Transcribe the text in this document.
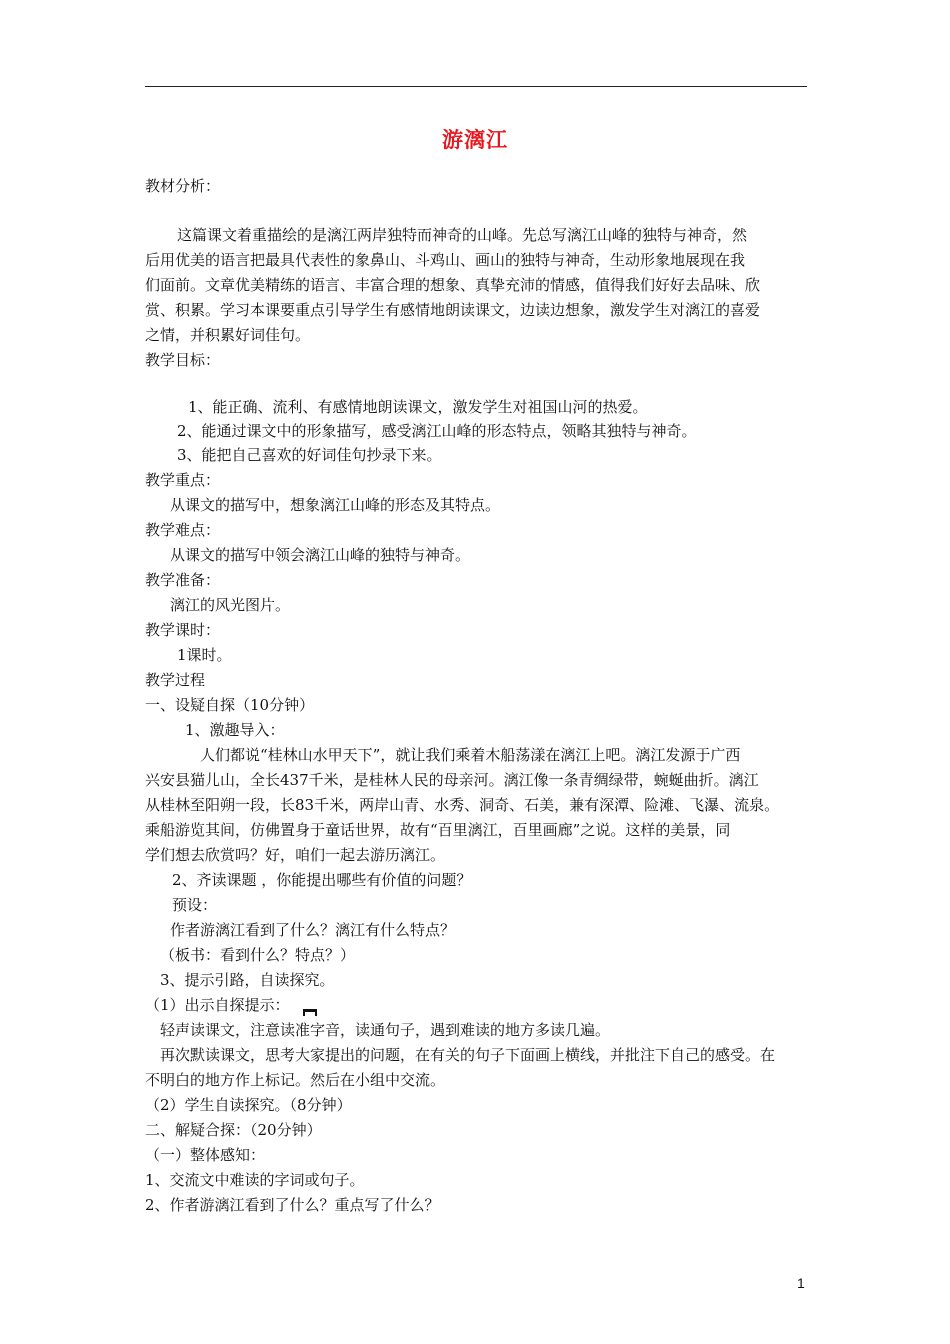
游漓江
教材分析：
这篇课文着重描绘的是漓江两岸独特而神奇的山峰。先总写漓江山峰的独特与神奇，然
后用优美的语言把最具代表性的象鼻山、斗鸡山、画山的独特与神奇，生动形象地展现在我
们面前。文章优美精练的语言、丰富合理的想象、真挚充沛的情感，值得我们好好去品味、欣
赏、积累。学习本课要重点引导学生有感情地朗读课文，边读边想象，激发学生对漓江的喜爱
之情，并积累好词佳句。
教学目标：
1、能正确、流利、有感情地朗读课文，激发学生对祖国山河的热爱。
2、能通过课文中的形象描写，感受漓江山峰的形态特点，领略其独特与神奇。
3、能把自己喜欢的好词佳句抄录下来。
教学重点：
从课文的描写中，想象漓江山峰的形态及其特点。
教学难点：
从课文的描写中领会漓江山峰的独特与神奇。
教学准备：
漓江的风光图片。
教学课时：
1课时。
教学过程
一、设疑自探（10分钟）
1、激趣导入：
人们都说“桂林山水甲天下”，就让我们乘着木船荡漾在漓江上吧。漓江发源于广西
兴安县猫儿山，全长437千米，是桂林人民的母亲河。漓江像一条青绸绿带，蜿蜒曲折。漓江
从桂林至阳朔一段，长83千米，两岸山青、水秀、洞奇、石美，兼有深潭、险滩、飞瀑、流泉。
乘船游览其间，仿佛置身于童话世界，故有“百里漓江，百里画廊”之说。这样的美景，同
学们想去欣赏吗？好，咱们一起去游历漓江。
2、齐读课题 ，你能提出哪些有价值的问题？
预设：
作者游漓江看到了什么？漓江有什么特点？
（板书：看到什么？特点？）
3、提示引路，自读探究。
（1）出示自探提示：
轻声读课文，注意读准字音，读通句子，遇到难读的地方多读几遍。
再次默读课文，思考大家提出的问题，在有关的句子下面画上横线，并批注下自己的感受。在
不明白的地方作上标记。然后在小组中交流。
（2）学生自读探究。（8分钟）
二、解疑合探：（20分钟）
（一）整体感知：
1、交流文中难读的字词或句子。
2、作者游漓江看到了什么？重点写了什么？
1
